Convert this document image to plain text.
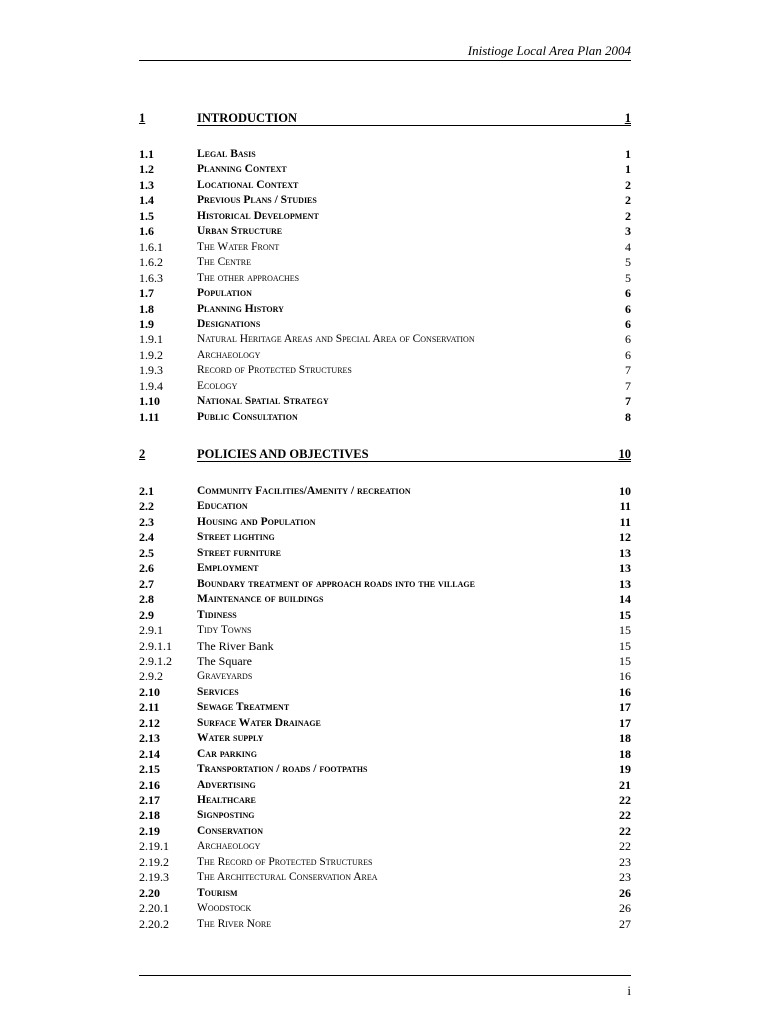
Inistioge Local Area Plan 2004
1	INTRODUCTION	1
1.1	Legal Basis	1
1.2	Planning Context	1
1.3	Locational Context	2
1.4	Previous Plans / Studies	2
1.5	Historical Development	2
1.6	Urban Structure	3
1.6.1	The Water Front	4
1.6.2	The Centre	5
1.6.3	The other approaches	5
1.7	Population	6
1.8	Planning History	6
1.9	Designations	6
1.9.1	Natural Heritage Areas and Special Area of Conservation	6
1.9.2	Archaeology	6
1.9.3	Record of Protected Structures	7
1.9.4	Ecology	7
1.10	National Spatial Strategy	7
1.11	Public Consultation	8
2	POLICIES AND OBJECTIVES	10
2.1	Community Facilities/Amenity / recreation	10
2.2	Education	11
2.3	Housing and Population	11
2.4	Street lighting	12
2.5	Street furniture	13
2.6	Employment	13
2.7	Boundary treatment of approach roads into the village	13
2.8	Maintenance of buildings	14
2.9	Tidiness	15
2.9.1	Tidy Towns	15
2.9.1.1 The River Bank	15
2.9.1.2 The Square	15
2.9.2	Graveyards	16
2.10	Services	16
2.11	Sewage Treatment	17
2.12	Surface Water Drainage	17
2.13	Water supply	18
2.14	Car parking	18
2.15	Transportation / roads / footpaths	19
2.16	Advertising	21
2.17	Healthcare	22
2.18	Signposting	22
2.19	Conservation	22
2.19.1 Archaeology	22
2.19.2 The Record of Protected Structures	23
2.19.3 The Architectural Conservation Area	23
2.20	Tourism	26
2.20.1 Woodstock	26
2.20.2 The River Nore	27
i
